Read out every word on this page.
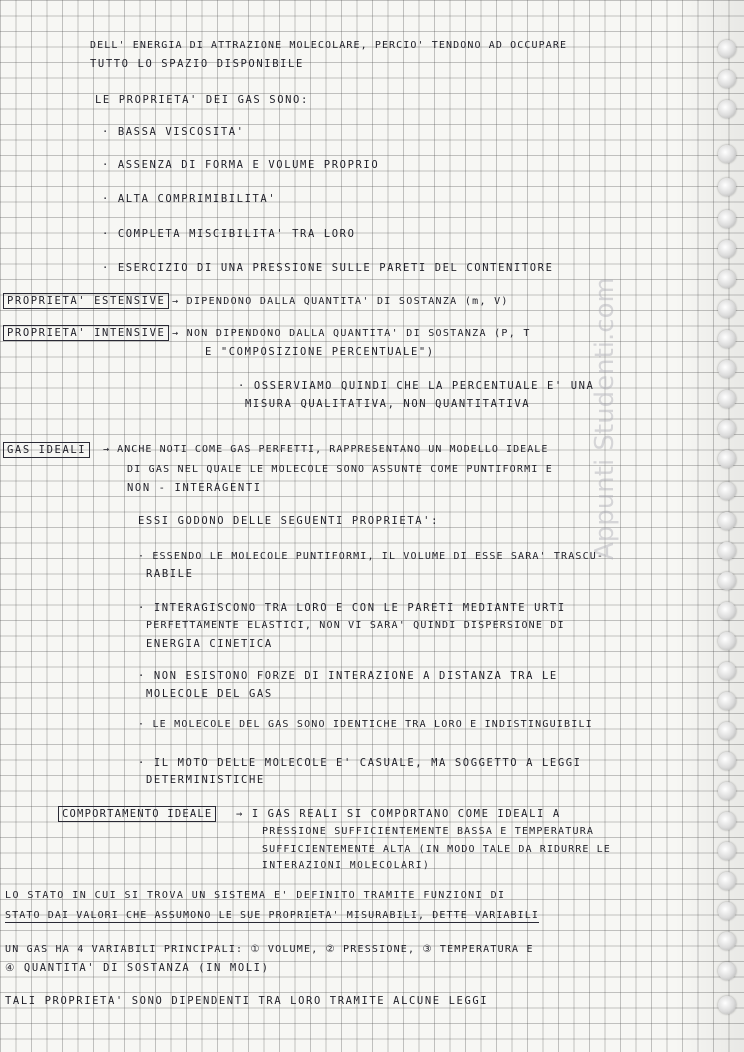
Appunti Studenti.com
DELL' ENERGIA DI ATTRAZIONE MOLECOLARE, PERCIO' TENDONO AD OCCUPARE
TUTTO LO SPAZIO DISPONIBILE
LE PROPRIETA' DEI GAS SONO:
· BASSA VISCOSITA'
· ASSENZA DI FORMA E VOLUME PROPRIO
· ALTA COMPRIMIBILITA'
· COMPLETA MISCIBILITA' TRA LORO
· ESERCIZIO DI UNA PRESSIONE SULLE PARETI DEL CONTENITORE
PROPRIETA' ESTENSIVE → DIPENDONO DALLA QUANTITA' DI SOSTANZA (m, V)
PROPRIETA' INTENSIVE → NON DIPENDONO DALLA QUANTITA' DI SOSTANZA (P, T
E "COMPOSIZIONE PERCENTUALE")
· OSSERVIAMO QUINDI CHE LA PERCENTUALE E' UNA
MISURA QUALITATIVA, NON QUANTITATIVA
GAS IDEALI	→ ANCHE NOTI COME GAS PERFETTI, RAPPRESENTANO UN MODELLO IDEALE
DI GAS NEL QUALE LE MOLECOLE SONO ASSUNTE COME PUNTIFORMI E
NON - INTERAGENTI
ESSI GODONO DELLE SEGUENTI PROPRIETA':
· ESSENDO LE MOLECOLE PUNTIFORMI, IL VOLUME DI ESSE SARA' TRASCU-
RABILE
· INTERAGISCONO TRA LORO E CON LE PARETI MEDIANTE URTI
PERFETTAMENTE ELASTICI, NON VI SARA' QUINDI DISPERSIONE DI
ENERGIA CINETICA
· NON ESISTONO FORZE DI INTERAZIONE A DISTANZA TRA LE
MOLECOLE DEL GAS
· LE MOLECOLE DEL GAS SONO IDENTICHE TRA LORO E INDISTINGUIBILI
· IL MOTO DELLE MOLECOLE E' CASUALE, MA SOGGETTO A LEGGI
DETERMINISTICHE
COMPORTAMENTO IDEALE	→ I GAS REALI SI COMPORTANO COME IDEALI A
PRESSIONE SUFFICIENTEMENTE BASSA E TEMPERATURA
SUFFICIENTEMENTE ALTA (IN MODO TALE DA RIDURRE LE
INTERAZIONI MOLECOLARI)
LO STATO IN CUI SI TROVA UN SISTEMA E' DEFINITO TRAMITE FUNZIONI DI
STATO DAI VALORI CHE ASSUMONO LE SUE PROPRIETA' MISURABILI, DETTE VARIABILI
UN GAS HA 4 VARIABILI PRINCIPALI: ① VOLUME, ② PRESSIONE, ③ TEMPERATURA E
④ QUANTITA' DI SOSTANZA (IN MOLI)
TALI PROPRIETA' SONO DIPENDENTI TRA LORO TRAMITE ALCUNE LEGGI
